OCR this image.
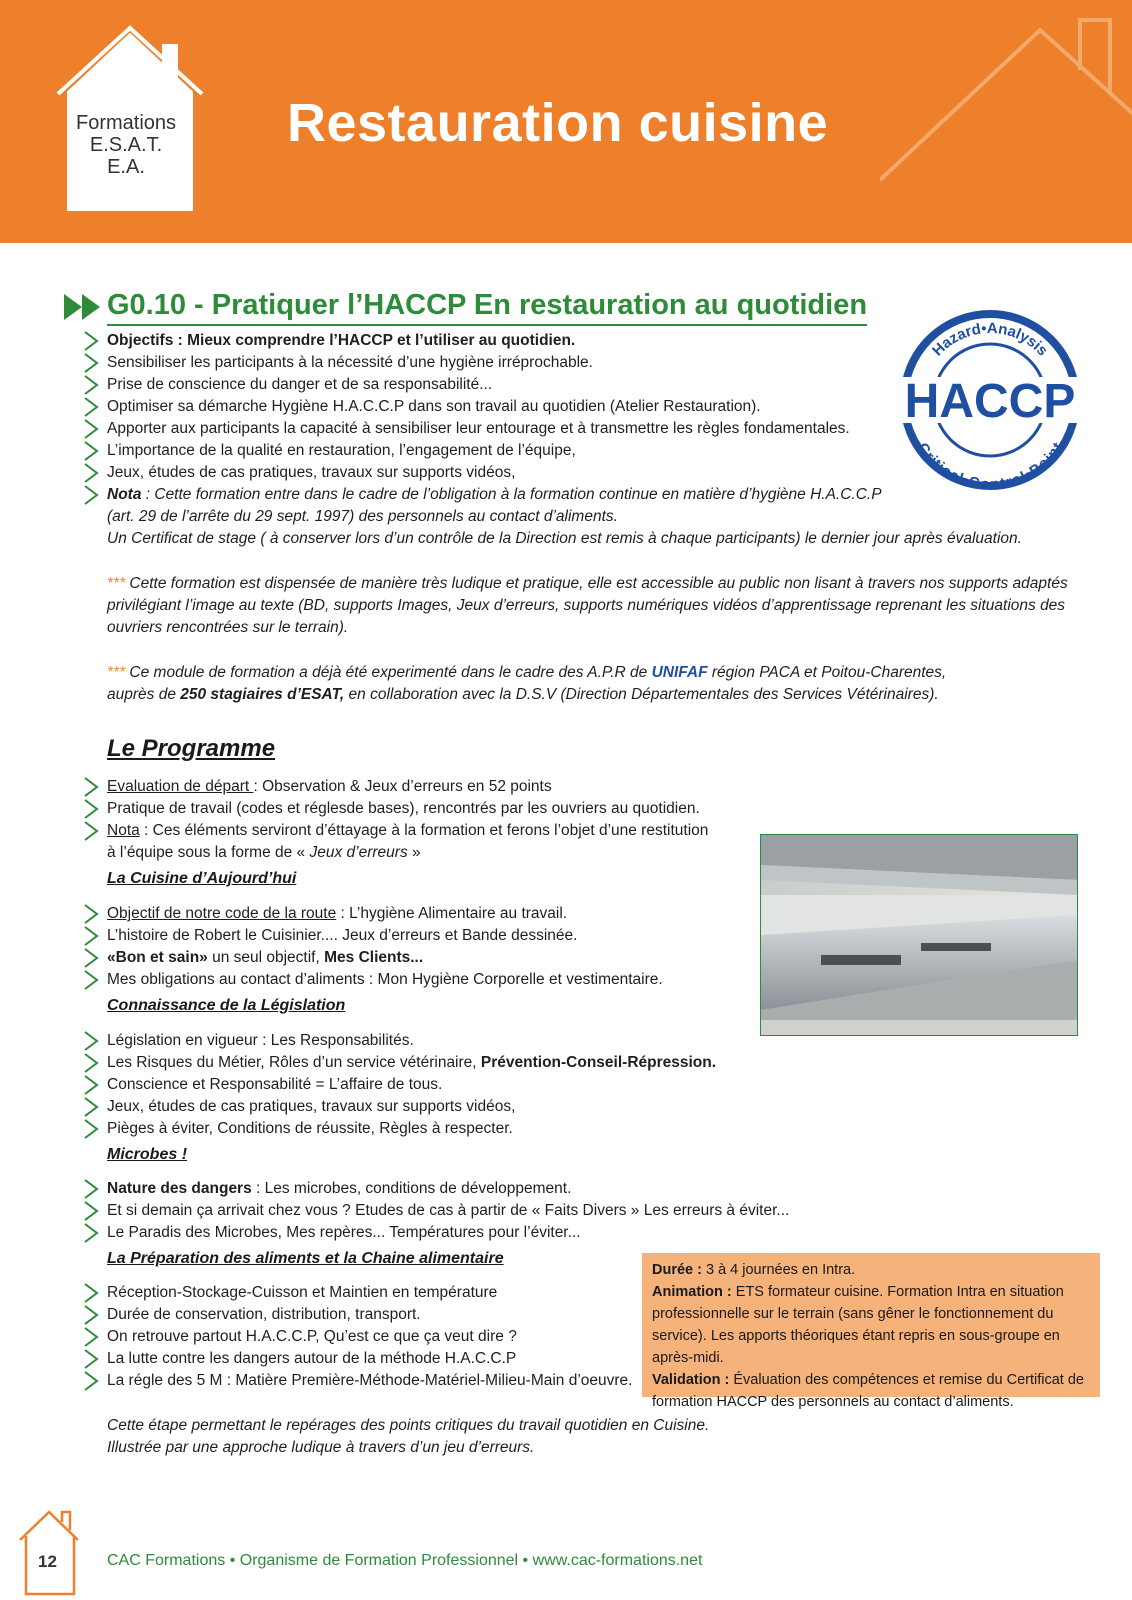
Formations
E.S.A.T.
E.A.
Restauration cuisine
G0.10 - Pratiquer l’HACCP En restauration au quotidien
HACCP
Hazard•Analysis
Critical•Control•Point
Objectifs : Mieux comprendre l’HACCP et l’utiliser au quotidien.
Sensibiliser les participants à la nécessité d’une hygiène irréprochable.
Prise de conscience du danger et de sa responsabilité...
Optimiser sa démarche Hygiène H.A.C.C.P dans son travail au quotidien (Atelier Restauration).
Apporter aux participants la capacité à sensibiliser leur entourage et à transmettre les règles fondamentales.
L’importance de la qualité en restauration, l’engagement de l’équipe,
Jeux, études de cas pratiques, travaux sur supports vidéos,
Nota : Cette formation entre dans le cadre de l’obligation à la formation continue en matière d’hygiène H.A.C.C.P
(art. 29 de l’arrête du 29 sept. 1997) des personnels au contact d’aliments.
Un Certificat de stage ( à conserver lors d’un contrôle de la Direction est remis à chaque participants) le dernier jour après évaluation.
*** Cette formation est dispensée de manière très ludique et pratique, elle est accessible au public non lisant à travers nos supports adaptés
privilégiant l’image au texte (BD, supports Images, Jeux d’erreurs, supports numériques vidéos d’apprentissage reprenant les situations des
ouvriers rencontrées sur le terrain).
*** Ce module de formation a déjà été experimenté dans le cadre des A.P.R de UNIFAF région PACA et Poitou-Charentes,
auprès de 250 stagiaires d’ESAT, en collaboration avec la D.S.V (Direction Départementales des Services Vétérinaires).
Le Programme
Evaluation de départ : Observation & Jeux d’erreurs en 52 points
Pratique de travail (codes et réglesde bases), rencontrés par les ouvriers au quotidien.
Nota : Ces éléments serviront d’éttayage à la formation et ferons l’objet d’une restitution
à l’équipe sous la forme de « Jeux d’erreurs »
La Cuisine d’Aujourd’hui
Objectif de notre code de la route : L’hygiène Alimentaire au travail.
L’histoire de Robert le Cuisinier.... Jeux d’erreurs et Bande dessinée.
«Bon et sain» un seul objectif, Mes Clients...
Mes obligations au contact d’aliments : Mon Hygiène Corporelle et vestimentaire.
Connaissance de la Législation
Législation en vigueur : Les Responsabilités.
Les Risques du Métier, Rôles d’un service vétérinaire, Prévention-Conseil-Répression.
Conscience et Responsabilité = L’affaire de tous.
Jeux, études de cas pratiques, travaux sur supports vidéos,
Pièges à éviter, Conditions de réussite, Règles à respecter.
Microbes !
Nature des dangers : Les microbes, conditions de développement.
Et si demain ça arrivait chez vous ? Etudes de cas à partir de « Faits Divers » Les erreurs à éviter...
Le Paradis des Microbes, Mes repères... Températures pour l’éviter...
La Préparation des aliments et la Chaine alimentaire
Réception-Stockage-Cuisson et Maintien en température
Durée de conservation, distribution, transport.
On retrouve partout H.A.C.C.P, Qu’est ce que ça veut dire ?
La lutte contre les dangers autour de la méthode H.A.C.C.P
La régle des 5 M : Matière Première-Méthode-Matériel-Milieu-Main d’oeuvre.
Cette étape permettant le repérages des points critiques du travail quotidien en Cuisine.
Illustrée par une approche ludique à travers d’un jeu d’erreurs.

Durée : 3 à 4 journées en Intra.

Animation : ETS formateur cuisine. Formation Intra en situation professionnelle sur le terrain (sans gêner le fonctionnement du service). Les apports théoriques étant repris en sous-groupe en après-midi.

Validation : Évaluation des compétences et remise du Certificat de formation HACCP des personnels au contact d’aliments.

12	CAC Formations • Organisme de Formation Professionnel • www.cac-formations.net
